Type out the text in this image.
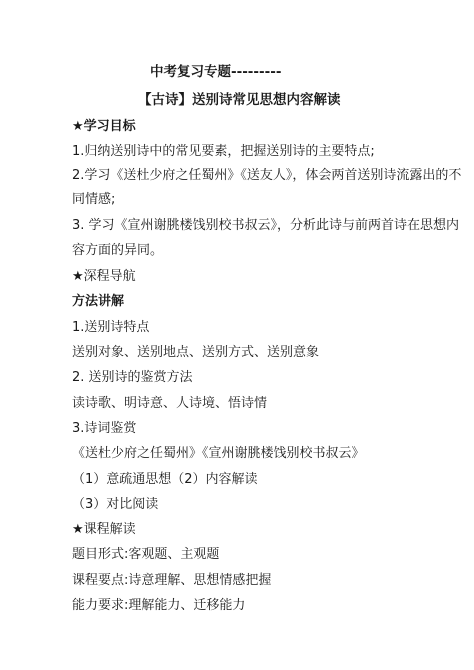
中考复习专题---------
【古诗】送别诗常见思想内容解读
★学习目标
1.归纳送别诗中的常见要素，把握送别诗的主要特点;
2.学习《送杜少府之任蜀州》《送友人》，体会两首送别诗流露出的不
同情感;
3. 学习《宣州谢朓楼饯别校书叔云》，分析此诗与前两首诗在思想内
容方面的异同。
★深程导航
方法讲解
1.送别诗特点
送别对象、送别地点、送别方式、送别意象
2. 送别诗的鉴赏方法
读诗歌、明诗意、人诗境、悟诗情
3.诗词鉴赏
《送杜少府之任蜀州》《宣州谢朓楼饯别校书叔云》
（1）意疏通思想（2）内容解读
（3）对比阅读
★课程解读
题目形式:客观题、主观题
课程要点:诗意理解、思想情感把握
能力要求:理解能力、迁移能力
